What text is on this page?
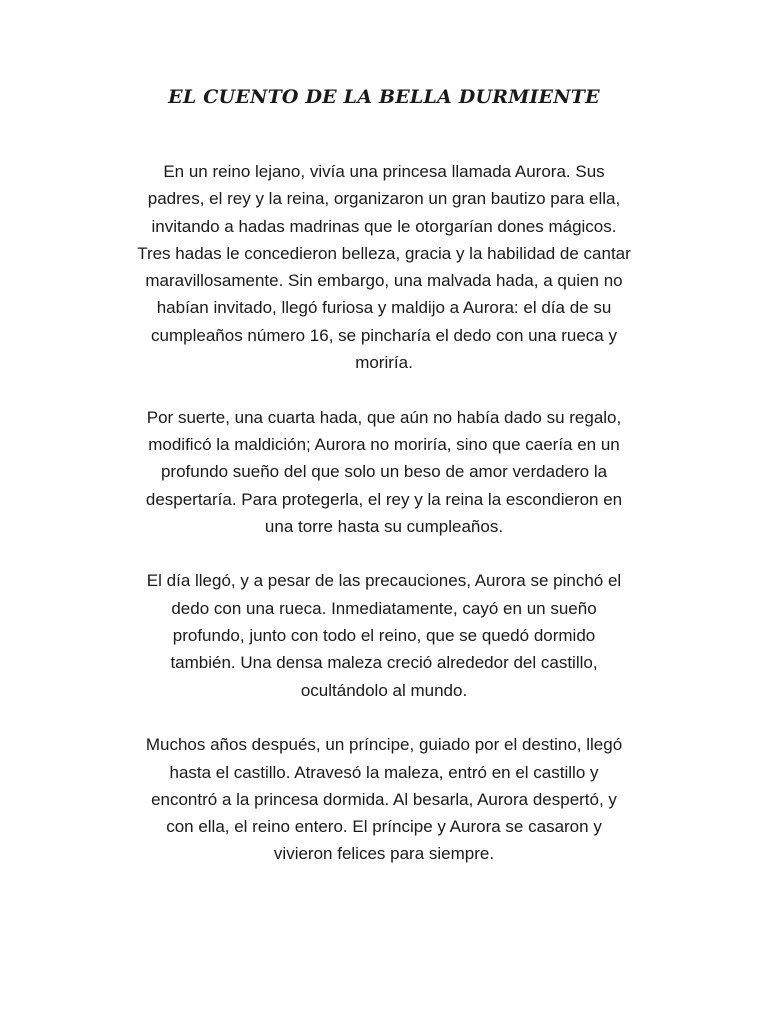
EL CUENTO DE LA BELLA DURMIENTE

En un reino lejano, vivía una princesa llamada Aurora. Sus
padres, el rey y la reina, organizaron un gran bautizo para ella,
invitando a hadas madrinas que le otorgarían dones mágicos.
Tres hadas le concedieron belleza, gracia y la habilidad de cantar
maravillosamente. Sin embargo, una malvada hada, a quien no
habían invitado, llegó furiosa y maldijo a Aurora: el día de su
cumpleaños número 16, se pincharía el dedo con una rueca y
moriría.

Por suerte, una cuarta hada, que aún no había dado su regalo,
modificó la maldición; Aurora no moriría, sino que caería en un
profundo sueño del que solo un beso de amor verdadero la
despertaría. Para protegerla, el rey y la reina la escondieron en
una torre hasta su cumpleaños.

El día llegó, y a pesar de las precauciones, Aurora se pinchó el
dedo con una rueca. Inmediatamente, cayó en un sueño
profundo, junto con todo el reino, que se quedó dormido
también. Una densa maleza creció alrededor del castillo,
ocultándolo al mundo.

Muchos años después, un príncipe, guiado por el destino, llegó
hasta el castillo. Atravesó la maleza, entró en el castillo y
encontró a la princesa dormida. Al besarla, Aurora despertó, y
con ella, el reino entero. El príncipe y Aurora se casaron y
vivieron felices para siempre.
